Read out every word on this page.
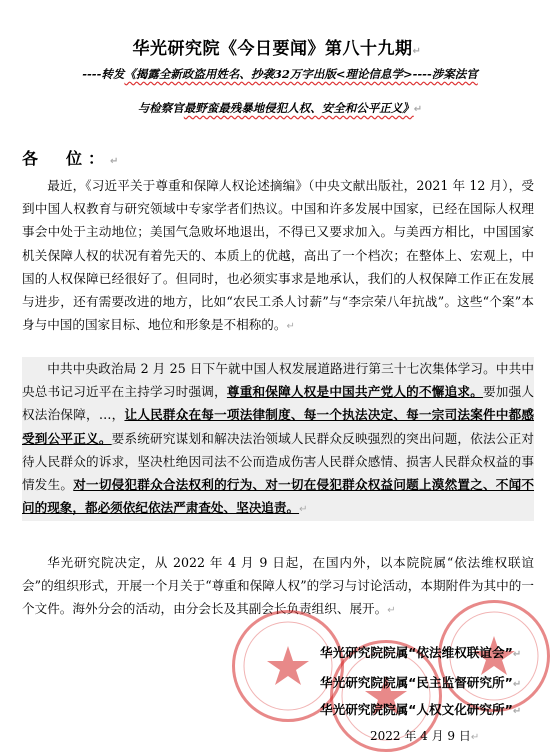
华光研究院《今日要闻》第八十九期↵
----转发《揭露全新政盗用姓名、抄袭32万字出版<理论信息学>----涉案法官
与检察官最野蛮最残暴地侵犯人权、安全和公平正义》↵
各　位：↵
最近，《习近平关于尊重和保障人权论述摘编》（中央文献出版社，2021 年 12 月），受到中国人权教育与研究领域中专家学者们热议。中国和许多发展中国家，已经在国际人权理事会中处于主动地位；美国气急败坏地退出，不得已又要求加入。与美西方相比，中国国家机关保障人权的状况有着先天的、本质上的优越，高出了一个档次；在整体上、宏观上，中国的人权保障已经很好了。但同时，也必须实事求是地承认，我们的人权保障工作正在发展与进步，还有需要改进的地方，比如“农民工杀人讨薪”与“李宗荣八年抗战”。这些“个案”本身与中国的国家目标、地位和形象是不相称的。↵
中共中央政治局 2 月 25 日下午就中国人权发展道路进行第三十七次集体学习。中共中央总书记习近平在主持学习时强调，尊重和保障人权是中国共产党人的不懈追求。要加强人权法治保障，…，让人民群众在每一项法律制度、每一个执法决定、每一宗司法案件中都感受到公平正义。要系统研究谋划和解决法治领域人民群众反映强烈的突出问题，依法公正对待人民群众的诉求，坚决杜绝因司法不公而造成伤害人民群众感情、损害人民群众权益的事情发生。对一切侵犯群众合法权利的行为、对一切在侵犯群众权益问题上漠然置之、不闻不问的现象，都必须依纪依法严肃查处、坚决追责。↵
华光研究院决定，从 2022 年 4 月 9 日起，在国内外，以本院院属“依法维权联谊会”的组织形式，开展一个月关于“尊重和保障人权”的学习与讨论活动，本期附件为其中的一个文件。海外分会的活动，由分会长及其副会长负责组织、展开。↵
华光研究院院属“依法维权联谊会”↵
华光研究院院属“民主监督研究所”↵
华光研究院院属“人权文化研究所”↵
2022 年 4 月 9 日↵
